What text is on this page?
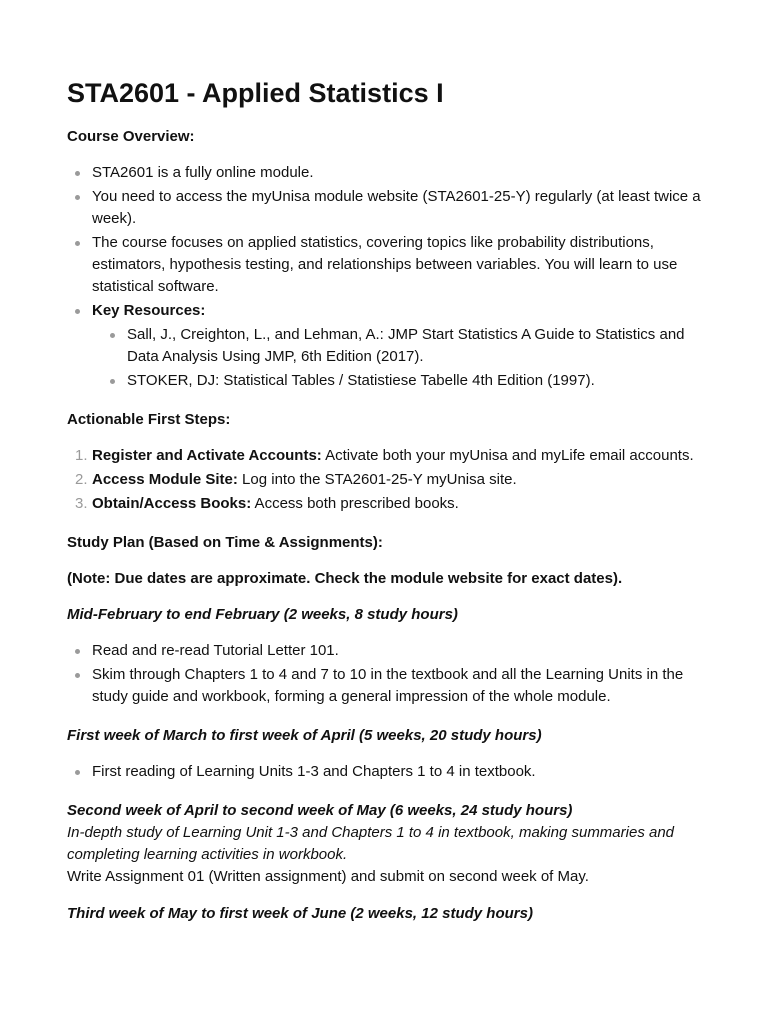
STA2601 - Applied Statistics I

Course Overview:

STA2601 is a fully online module.
You need to access the myUnisa module website (STA2601-25-Y) regularly (at least twice a week).
The course focuses on applied statistics, covering topics like probability distributions, estimators, hypothesis testing, and relationships between variables. You will learn to use statistical software.
Key Resources:
Sall, J., Creighton, L., and Lehman, A.: JMP Start Statistics A Guide to Statistics and Data Analysis Using JMP, 6th Edition (2017).
STOKER, DJ: Statistical Tables / Statistiese Tabelle 4th Edition (1997).

Actionable First Steps:

Register and Activate Accounts: Activate both your myUnisa and myLife email accounts.
Access Module Site: Log into the STA2601-25-Y myUnisa site.
Obtain/Access Books: Access both prescribed books.

Study Plan (Based on Time & Assignments):

(Note: Due dates are approximate. Check the module website for exact dates).

Mid-February to end February (2 weeks, 8 study hours)

Read and re-read Tutorial Letter 101.
Skim through Chapters 1 to 4 and 7 to 10 in the textbook and all the Learning Units in the study guide and workbook, forming a general impression of the whole module.

First week of March to first week of April (5 weeks, 20 study hours)

First reading of Learning Units 1-3 and Chapters 1 to 4 in textbook.

Second week of April to second week of May (6 weeks, 24 study hours)

In-depth study of Learning Unit 1-3 and Chapters 1 to 4 in textbook, making summaries and completing learning activities in workbook.

Write Assignment 01 (Written assignment) and submit on second week of May.

Third week of May to first week of June (2 weeks, 12 study hours)
